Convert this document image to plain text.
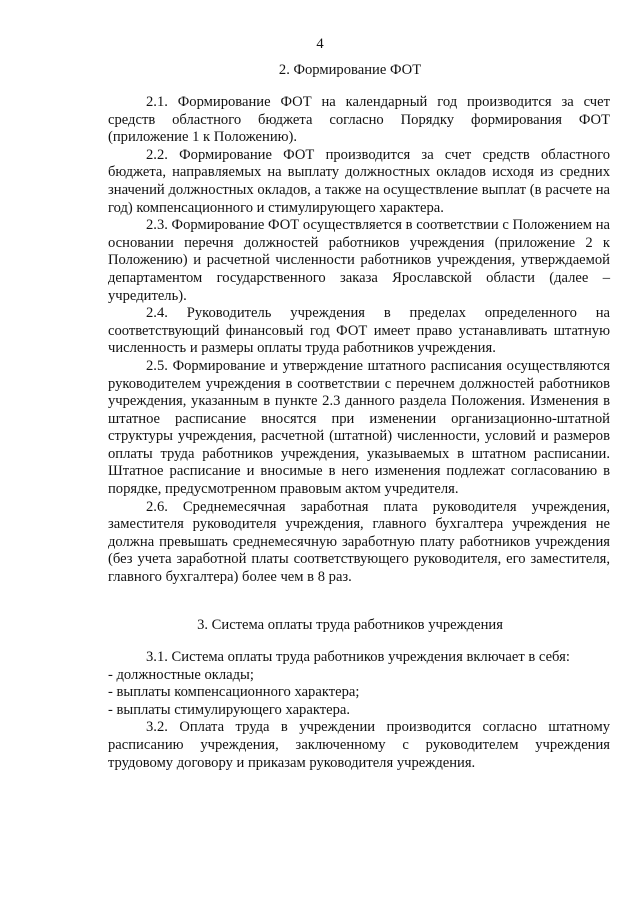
4
2. Формирование ФОТ

2.1. Формирование ФОТ на календарный год производится за счет средств областного бюджета согласно Порядку формирования ФОТ (приложение 1 к Положению).

2.2. Формирование ФОТ производится за счет средств областного бюджета, направляемых на выплату должностных окладов исходя из средних значений должностных окладов, а также на осуществление выплат (в расчете на год) компенсационного и стимулирующего характера.

2.3. Формирование ФОТ осуществляется в соответствии с Положением на основании перечня должностей работников учреждения (приложение 2 к Положению) и расчетной численности работников учреждения, утверждаемой департаментом государственного заказа Ярославской области (далее – учредитель).

2.4. Руководитель учреждения в пределах определенного на соответствующий финансовый год ФОТ имеет право устанавливать штатную численность и размеры оплаты труда работников учреждения.

2.5. Формирование и утверждение штатного расписания осуществляются руководителем учреждения в соответствии с перечнем должностей работников учреждения, указанным в пункте 2.3 данного раздела Положения. Изменения в штатное расписание вносятся при изменении организационно-штатной структуры учреждения, расчетной (штатной) численности, условий и размеров оплаты труда работников учреждения, указываемых в штатном расписании. Штатное расписание и вносимые в него изменения подлежат согласованию в порядке, предусмотренном правовым актом учредителя.

2.6. Среднемесячная заработная плата руководителя учреждения, заместителя руководителя учреждения, главного бухгалтера учреждения не должна превышать среднемесячную заработную плату работников учреждения (без учета заработной платы соответствующего руководителя, его заместителя, главного бухгалтера) более чем в 8 раз.

3. Система оплаты труда работников учреждения

3.1. Система оплаты труда работников учреждения включает в себя:

- должностные оклады;

- выплаты компенсационного характера;

- выплаты стимулирующего характера.

3.2. Оплата труда в учреждении производится согласно штатному расписанию учреждения, заключенному с руководителем учреждения трудовому договору и приказам руководителя учреждения.
